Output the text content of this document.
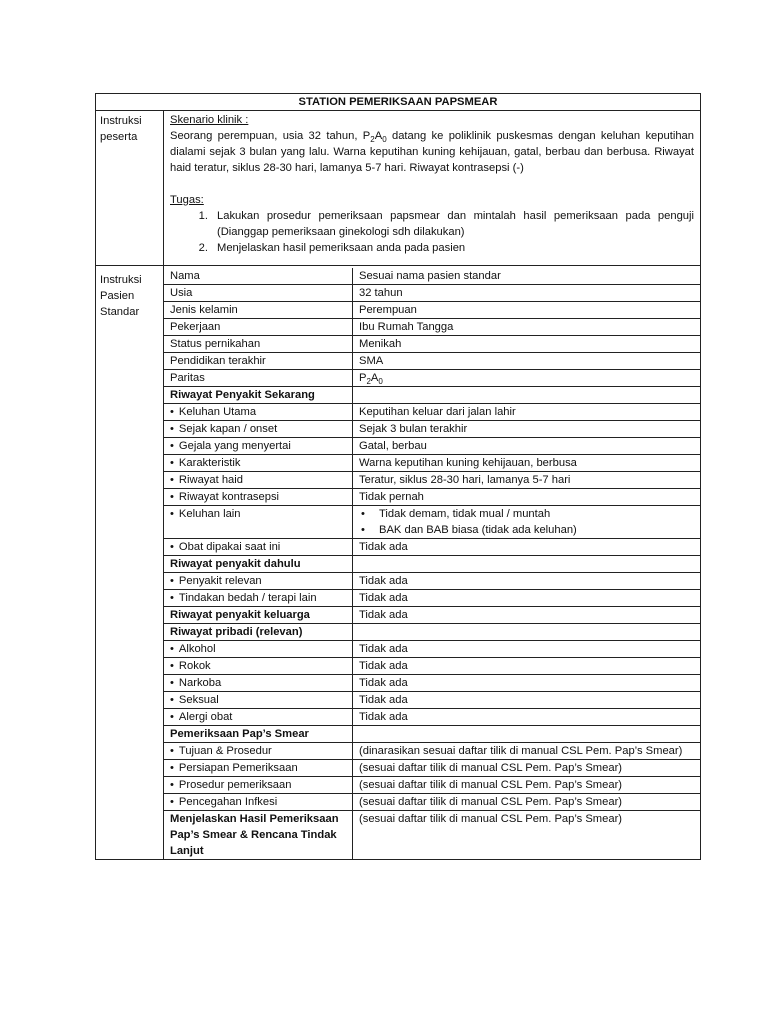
STATION PEMERIKSAAN PAPSMEAR
Instruksi peserta
Skenario klinik :
Seorang perempuan, usia 32 tahun, $P_2A_0$ datang ke poliklinik puskesmas dengan keluhan keputihan dialami sejak 3 bulan yang lalu. Warna keputihan kuning kehijauan, gatal, berbau dan berbusa. Riwayat haid teratur, siklus 28-30 hari, lamanya 5-7 hari. Riwayat kontrasepsi (-)
Tugas:
1. Lakukan prosedur pemeriksaan papsmear dan mintalah hasil pemeriksaan pada penguji (Dianggap pemeriksaan ginekologi sdh dilakukan)
2. Menjelaskan hasil pemeriksaan anda pada pasien
Instruksi Pasien Standar
Nama	Sesuai nama pasien standar
Usia	32 tahun
Jenis kelamin	Perempuan
Pekerjaan	Ibu Rumah Tangga
Status pernikahan	Menikah
Pendidikan terakhir	SMA
Paritas	$P_2A_0$
Riwayat Penyakit Sekarang	
• Keluhan Utama	Keputihan keluar dari jalan lahir
• Sejak kapan / onset	Sejak 3 bulan terakhir
• Gejala yang menyertai	Gatal, berbau
• Karakteristik	Warna keputihan kuning kehijauan, berbusa
• Riwayat haid	Teratur, siklus 28-30 hari, lamanya 5-7 hari
• Riwayat kontrasepsi	Tidak pernah
• Keluhan lain	• Tidak demam, tidak mual / muntah
• BAK dan BAB biasa (tidak ada keluhan)

• Obat dipakai saat ini	Tidak ada
Riwayat penyakit dahulu	
• Penyakit relevan	Tidak ada
• Tindakan bedah / terapi lain	Tidak ada
Riwayat penyakit keluarga	Tidak ada
Riwayat pribadi (relevan)	
• Alkohol	Tidak ada
• Rokok	Tidak ada
• Narkoba	Tidak ada
• Seksual	Tidak ada
• Alergi obat	Tidak ada
Pemeriksaan Pap’s Smear	
• Tujuan & Prosedur	(dinarasikan sesuai daftar tilik di manual CSL Pem. Pap’s Smear)
• Persiapan Pemeriksaan	(sesuai daftar tilik di manual CSL Pem. Pap’s Smear)
• Prosedur pemeriksaan	(sesuai daftar tilik di manual CSL Pem. Pap’s Smear)
• Pencegahan Infkesi	(sesuai daftar tilik di manual CSL Pem. Pap’s Smear)
Menjelaskan Hasil Pemeriksaan Pap’s Smear & Rencana Tindak Lanjut	(sesuai daftar tilik di manual CSL Pem. Pap’s Smear)
